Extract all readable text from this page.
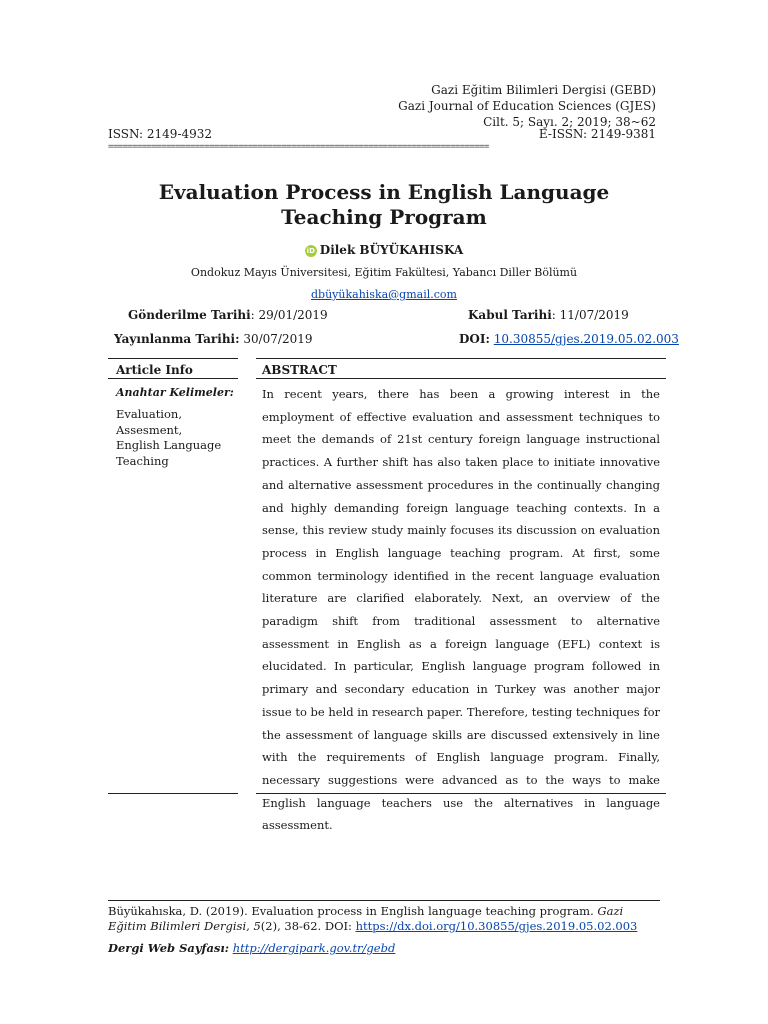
Gazi Eğitim Bilimleri Dergisi (GEBD)
Gazi Journal of Education Sciences (GJES)
Cilt. 5; Sayı. 2; 2019; 38~62
ISSN: 2149-4932	E-ISSN: 2149-9381
===============================================================================
Evaluation Process in English Language Teaching Program
iD Dilek BÜYÜKAHISKA
Ondokuz Mayıs Üniversitesi, Eğitim Fakültesi, Yabancı Diller Bölümü
dbüyükahiska@gmail.com
Gönderilme Tarihi: 29/01/2019	Kabul Tarihi: 11/07/2019
Yayınlanma Tarihi: 30/07/2019	DOI: 10.30855/gjes.2019.05.02.003
Article Info
Anahtar Kelimeler:
Evaluation,
Assesment,
English Language
Teaching
ABSTRACT

In recent years, there has been a growing interest in the employment of effective evaluation and assessment techniques to meet the demands of 21st century foreign language instructional practices. A further shift has also taken place to initiate innovative and alternative assessment procedures in the continually changing and highly demanding foreign language teaching contexts. In a sense, this review study mainly focuses its discussion on evaluation process in English language teaching program. At first, some common terminology identified in the recent language evaluation literature are clarified elaborately. Next, an overview of the paradigm shift from traditional assessment to alternative assessment in English as a foreign language (EFL) context is elucidated. In particular, English language program followed in primary and secondary education in Turkey was another major issue to be held in research paper. Therefore, testing techniques for the assessment of language skills are discussed extensively in line with the requirements of English language program. Finally, necessary suggestions were advanced as to the ways to make English language teachers use the alternatives in language assessment.

Büyükahıska, D. (2019). Evaluation process in English language teaching program. Gazi Eğitim Bilimleri Dergisi, 5(2), 38-62. DOI: https://dx.doi.org/10.30855/gjes.2019.05.02.003
Dergi Web Sayfası: http://dergipark.gov.tr/gebd
